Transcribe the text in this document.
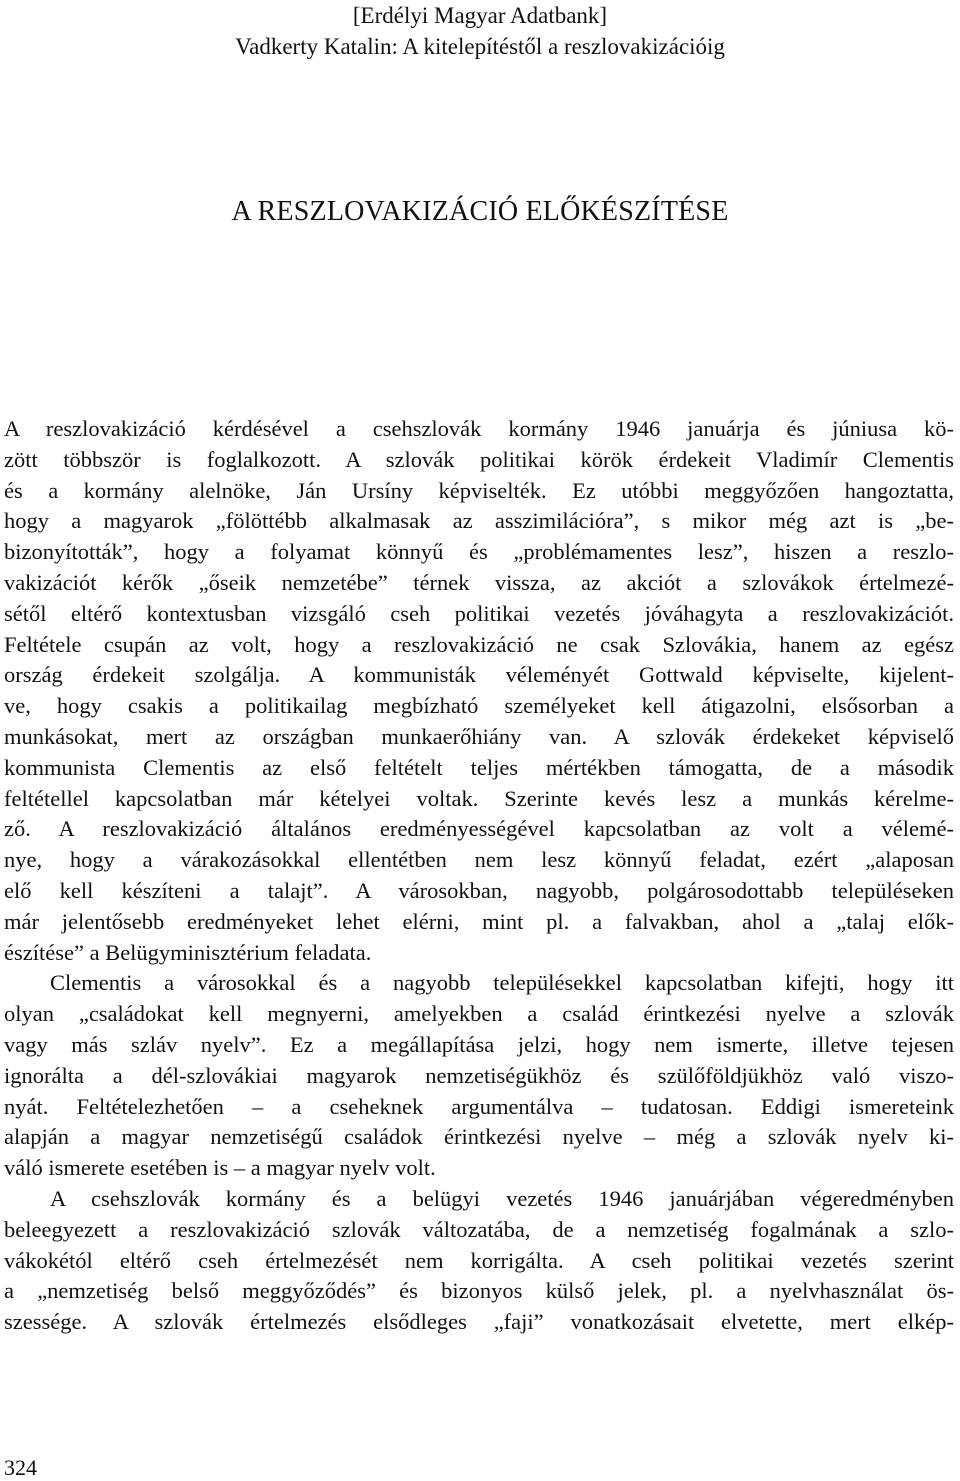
[Erdélyi Magyar Adatbank]
Vadkerty Katalin: A kitelepítéstől a reszlovakizációig
A RESZLOVAKIZÁCIÓ ELŐKÉSZÍTÉSE
A reszlovakizáció kérdésével a csehszlovák kormány 1946 januárja és júniusa kö-
zött többször is foglalkozott. A szlovák politikai körök érdekeit Vladimír Clementis
és a kormány alelnöke, Ján Ursíny képviselték. Ez utóbbi meggyőzően hangoztatta,
hogy a magyarok „fölöttébb alkalmasak az asszimilációra”, s mikor még azt is „be-
bizonyították”, hogy a folyamat könnyű és „problémamentes lesz”, hiszen a reszlo-
vakizációt kérők „őseik nemzetébe” térnek vissza, az akciót a szlovákok értelmezé-
sétől eltérő kontextusban vizsgáló cseh politikai vezetés jóváhagyta a reszlovakizációt.
Feltétele csupán az volt, hogy a reszlovakizáció ne csak Szlovákia, hanem az egész
ország érdekeit szolgálja. A kommunisták véleményét Gottwald képviselte, kijelent-
ve, hogy csakis a politikailag megbízható személyeket kell átigazolni, elsősorban a
munkásokat, mert az országban munkaerőhiány van. A szlovák érdekeket képviselő
kommunista Clementis az első feltételt teljes mértékben támogatta, de a második
feltétellel kapcsolatban már kételyei voltak. Szerinte kevés lesz a munkás kérelme-
ző. A reszlovakizáció általános eredményességével kapcsolatban az volt a vélemé-
nye, hogy a várakozásokkal ellentétben nem lesz könnyű feladat, ezért „alaposan
elő kell készíteni a talajt”. A városokban, nagyobb, polgárosodottabb településeken
már jelentősebb eredményeket lehet elérni, mint pl. a falvakban, ahol a „talaj elők-
észítése” a Belügyminisztérium feladata.
Clementis a városokkal és a nagyobb településekkel kapcsolatban kifejti, hogy itt
olyan „családokat kell megnyerni, amelyekben a család érintkezési nyelve a szlovák
vagy más szláv nyelv”. Ez a megállapítása jelzi, hogy nem ismerte, illetve tejesen
ignorálta a dél-szlovákiai magyarok nemzetiségükhöz és szülőföldjükhöz való viszo-
nyát. Feltételezhetően – a cseheknek argumentálva – tudatosan. Eddigi ismereteink
alapján a magyar nemzetiségű családok érintkezési nyelve – még a szlovák nyelv ki-
váló ismerete esetében is – a magyar nyelv volt.
A csehszlovák kormány és a belügyi vezetés 1946 januárjában végeredményben
beleegyezett a reszlovakizáció szlovák változatába, de a nemzetiség fogalmának a szlo-
vákokétól eltérő cseh értelmezését nem korrigálta. A cseh politikai vezetés szerint
a „nemzetiség belső meggyőződés” és bizonyos külső jelek, pl. a nyelvhasználat ös-
szessége. A szlovák értelmezés elsődleges „faji” vonatkozásait elvetette, mert elkép-
324
